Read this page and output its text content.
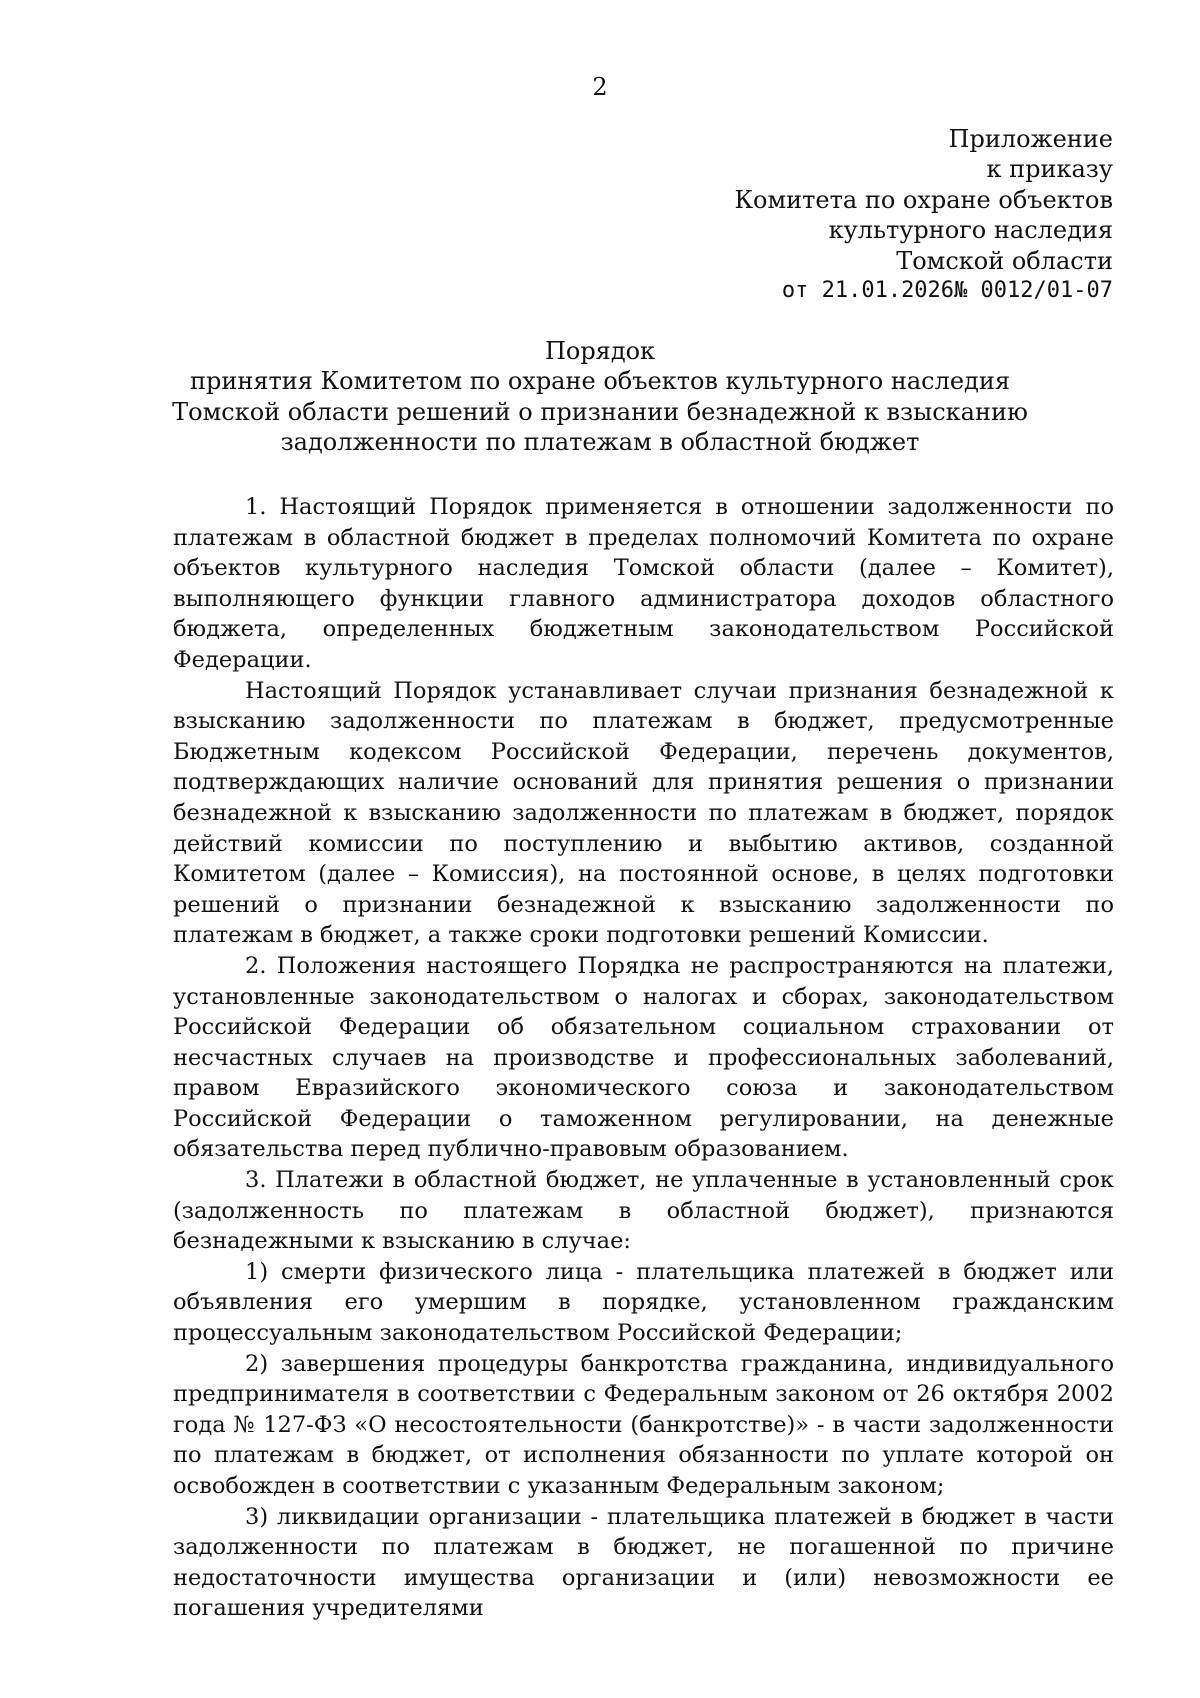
2
Приложение
к приказу
Комитета по охране объектов
культурного наследия
Томской области
от 21.01.2026№ 0012/01-07
Порядок
принятия Комитетом по охране объектов культурного наследия
Томской области решений о признании безнадежной к взысканию
задолженности по платежам в областной бюджет

1. Настоящий Порядок применяется в отношении задолженности по платежам в областной бюджет в пределах полномочий Комитета по охране объектов культурного наследия Томской области (далее – Комитет), выполняющего функции главного администратора доходов областного бюджета, определенных бюджетным законодательством Российской Федерации.

Настоящий Порядок устанавливает случаи признания безнадежной к взысканию задолженности по платежам в бюджет, предусмотренные Бюджетным кодексом Российской Федерации, перечень документов, подтверждающих наличие оснований для принятия решения о признании безнадежной к взысканию задолженности по платежам в бюджет, порядок действий комиссии по поступлению и выбытию активов, созданной Комитетом (далее – Комиссия), на постоянной основе, в целях подготовки решений о признании безнадежной к взысканию задолженности по платежам в бюджет, а также сроки подготовки решений Комиссии.

2. Положения настоящего Порядка не распространяются на платежи, установленные законодательством о налогах и сборах, законодательством Российской Федерации об обязательном социальном страховании от несчастных случаев на производстве и профессиональных заболеваний, правом Евразийского экономического союза и законодательством Российской Федерации о таможенном регулировании, на денежные обязательства перед публично-правовым образованием.

3. Платежи в областной бюджет, не уплаченные в установленный срок (задолженность по платежам в областной бюджет), признаются безнадежными к взысканию в случае:

1) смерти физического лица - плательщика платежей в бюджет или объявления его умершим в порядке, установленном гражданским процессуальным законодательством Российской Федерации;

2) завершения процедуры банкротства гражданина, индивидуального предпринимателя в соответствии с Федеральным законом от 26 октября 2002 года № 127-ФЗ «О несостоятельности (банкротстве)» - в части задолженности по платежам в бюджет, от исполнения обязанности по уплате которой он освобожден в соответствии с указанным Федеральным законом;

3) ликвидации организации - плательщика платежей в бюджет в части задолженности по платежам в бюджет, не погашенной по причине недостаточности имущества организации и (или) невозможности ее погашения учредителями
